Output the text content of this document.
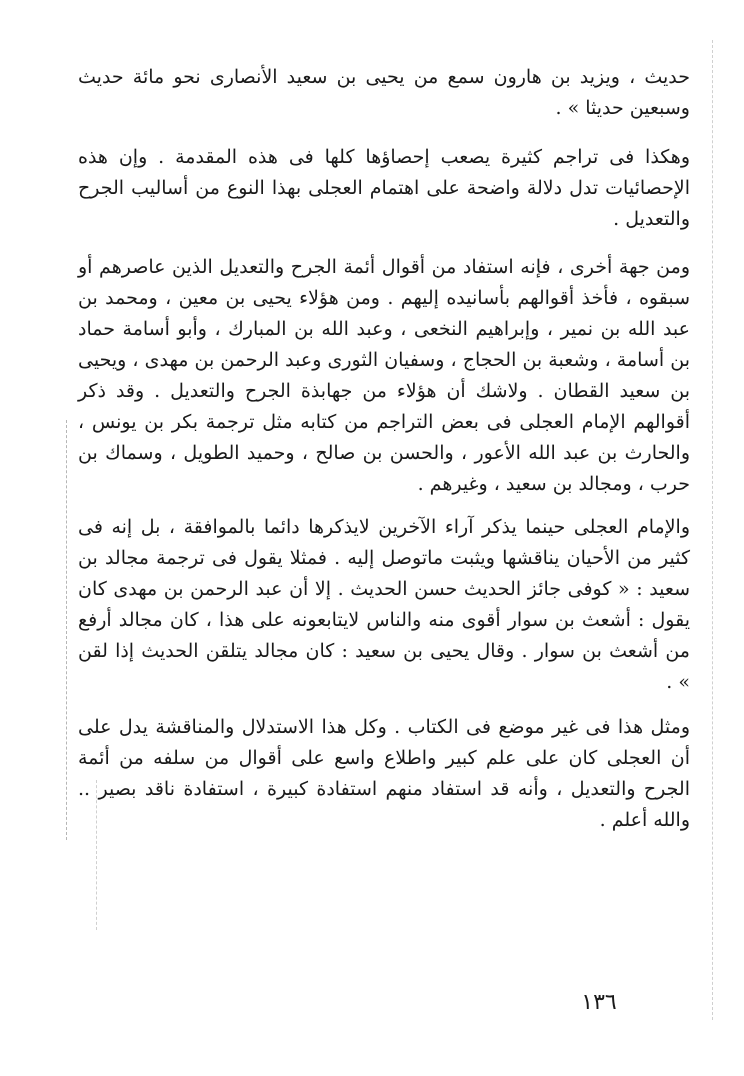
حديث ، ويزيد بن هارون سمع من يحيى بن سعيد الأنصارى نحو مائة حديث وسبعين حديثا » .

وهكذا فى تراجم كثيرة يصعب إحصاؤها كلها فى هذه المقدمة . وإن هذه الإحصائيات تدل دلالة واضحة على اهتمام العجلى بهذا النوع من أساليب الجرح والتعديل .

ومن جهة أخرى ، فإنه استفاد من أقوال أئمة الجرح والتعديل الذين عاصرهم أو سبقوه ، فأخذ أقوالهم بأسانيده إليهم . ومن هؤلاء يحيى بن معين ، ومحمد بن عبد الله بن نمير ، وإبراهيم النخعى ، وعبد الله بن المبارك ، وأبو أسامة حماد بن أسامة ، وشعبة بن الحجاج ، وسفيان الثورى وعبد الرحمن بن مهدى ، ويحيى بن سعيد القطان . ولاشك أن هؤلاء من جهابذة الجرح والتعديل . وقد ذكر أقوالهم الإمام العجلى فى بعض التراجم من كتابه مثل ترجمة بكر بن يونس ، والحارث بن عبد الله الأعور ، والحسن بن صالح ، وحميد الطويل ، وسماك بن حرب ، ومجالد بن سعيد ، وغيرهم .

والإمام العجلى حينما يذكر آراء الآخرين لايذكرها دائما بالموافقة ، بل إنه فى كثير من الأحيان يناقشها ويثبت ماتوصل إليه . فمثلا يقول فى ترجمة مجالد بن سعيد : « كوفى جائز الحديث حسن الحديث . إلا أن عبد الرحمن بن مهدى كان يقول : أشعث بن سوار أقوى منه والناس لايتابعونه على هذا ، كان مجالد أرفع من أشعث بن سوار . وقال يحيى بن سعيد : كان مجالد يتلقن الحديث إذا لقن » .

ومثل هذا فى غير موضع فى الكتاب . وكل هذا الاستدلال والمناقشة يدل على أن العجلى كان على علم كبير واطلاع واسع على أقوال من سلفه من أئمة الجرح والتعديل ، وأنه قد استفاد منهم استفادة كبيرة ، استفادة ناقد بصير .. والله أعلم .

١٣٦
